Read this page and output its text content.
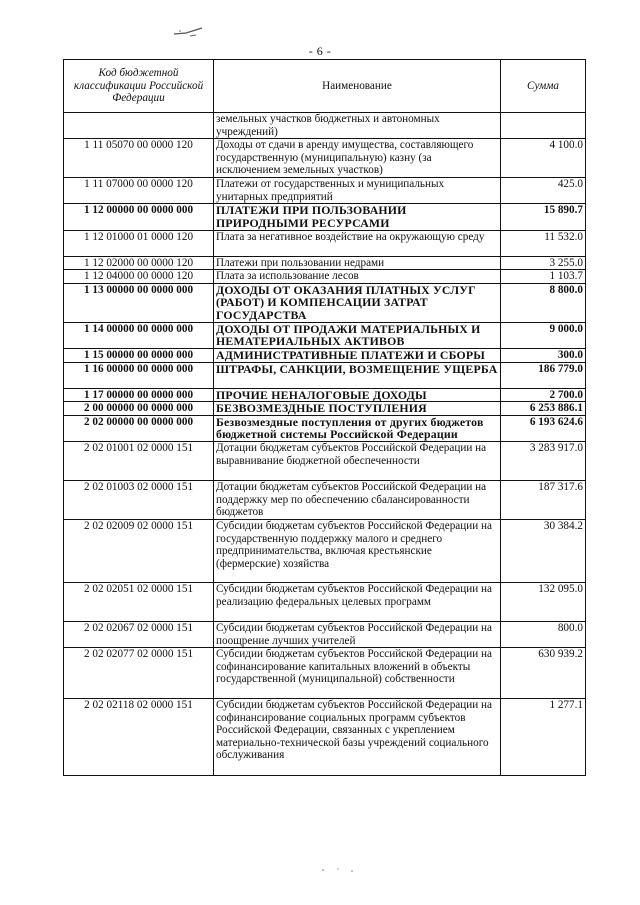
- 6 -
Код бюджетной классификации Российской Федерации	Наименование	Сумма
	земельных участков бюджетных и автономных учреждений)	
1 11 05070 00 0000 120	Доходы от сдачи в аренду имущества, составляющего государственную (муниципальную) казну (за исключением земельных участков)	4 100.0
1 11 07000 00 0000 120	Платежи от государственных и муниципальных унитарных предприятий	425.0
1 12 00000 00 0000 000	ПЛАТЕЖИ ПРИ ПОЛЬЗОВАНИИ ПРИРОДНЫМИ РЕСУРСАМИ	15 890.7
1 12 01000 01 0000 120	Плата за негативное воздействие на окружающую среду	11 532.0
1 12 02000 00 0000 120	Платежи при пользовании недрами	3 255.0
1 12 04000 00 0000 120	Плата за использование лесов	1 103.7
1 13 00000 00 0000 000	ДОХОДЫ ОТ ОКАЗАНИЯ ПЛАТНЫХ УСЛУГ (РАБОТ) И КОМПЕНСАЦИИ ЗАТРАТ ГОСУДАРСТВА	8 800.0
1 14 00000 00 0000 000	ДОХОДЫ ОТ ПРОДАЖИ МАТЕРИАЛЬНЫХ И НЕМАТЕРИАЛЬНЫХ АКТИВОВ	9 000.0
1 15 00000 00 0000 000	АДМИНИСТРАТИВНЫЕ ПЛАТЕЖИ И СБОРЫ	300.0
1 16 00000 00 0000 000	ШТРАФЫ, САНКЦИИ, ВОЗМЕЩЕНИЕ УЩЕРБА	186 779.0
1 17 00000 00 0000 000	ПРОЧИЕ НЕНАЛОГОВЫЕ ДОХОДЫ	2 700.0
2 00 00000 00 0000 000	БЕЗВОЗМЕЗДНЫЕ ПОСТУПЛЕНИЯ	6 253 886.1
2 02 00000 00 0000 000	Безвозмездные поступления от других бюджетов бюджетной системы Российской Федерации	6 193 624.6
2 02 01001 02 0000 151	Дотации бюджетам субъектов Российской Федерации на выравнивание бюджетной обеспеченности	3 283 917.0
2 02 01003 02 0000 151	Дотации бюджетам субъектов Российской Федерации на поддержку мер по обеспечению сбалансированности бюджетов	187 317.6
2 02 02009 02 0000 151	Субсидии бюджетам субъектов Российской Федерации на государственную поддержку малого и среднего предпринимательства, включая крестьянские (фермерские) хозяйства	30 384.2
2 02 02051 02 0000 151	Субсидии бюджетам субъектов Российской Федерации на реализацию федеральных целевых программ	132 095.0
2 02 02067 02 0000 151	Субсидии бюджетам субъектов Российской Федерации на поощрение лучших учителей	800.0
2 02 02077 02 0000 151	Субсидии бюджетам субъектов Российской Федерации на софинансирование капитальных вложений в объекты государственной (муниципальной) собственности	630 939.2
2 02 02118 02 0000 151	Субсидии бюджетам субъектов Российской Федерации на софинансирование социальных программ субъектов Российской Федерации, связанных с укреплением материально-технической базы учреждений социального обслуживания	1 277.1
